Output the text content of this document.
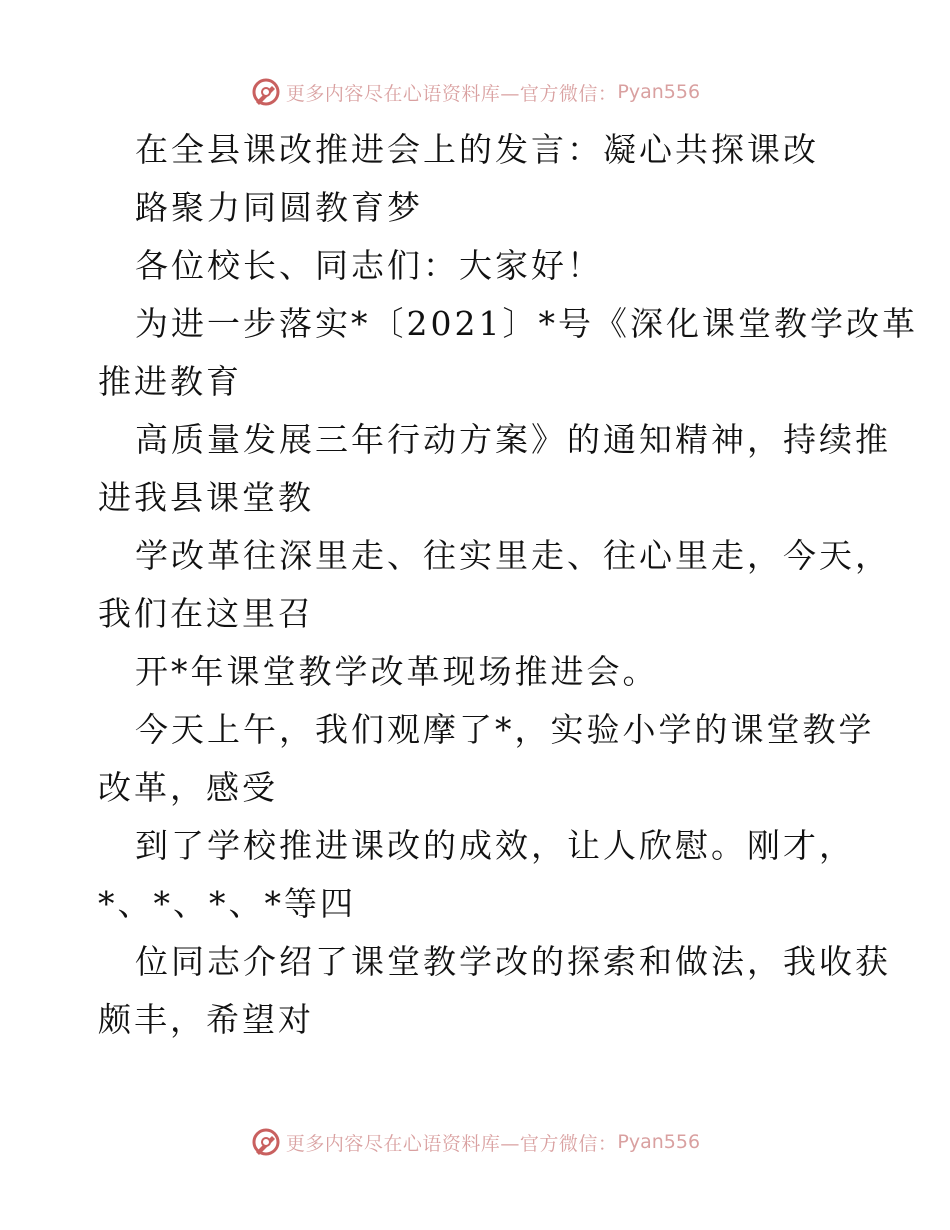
更多内容尽在心语资料库—官方微信： Pyan556
在全县课改推进会上的发言：凝心共探课改
路聚力同圆教育梦
各位校长、同志们：大家好！
为进一步落实*〔2021〕*号《深化课堂教学改革
推进教育
高质量发展三年行动方案》的通知精神，持续推
进我县课堂教
学改革往深里走、往实里走、往心里走，今天，
我们在这里召
开*年课堂教学改革现场推进会。
今天上午，我们观摩了*，实验小学的课堂教学
改革，感受
到了学校推进课改的成效，让人欣慰。刚才，
*、*、*、*等四
位同志介绍了课堂教学改的探索和做法，我收获
颇丰，希望对
更多内容尽在心语资料库—官方微信： Pyan556
